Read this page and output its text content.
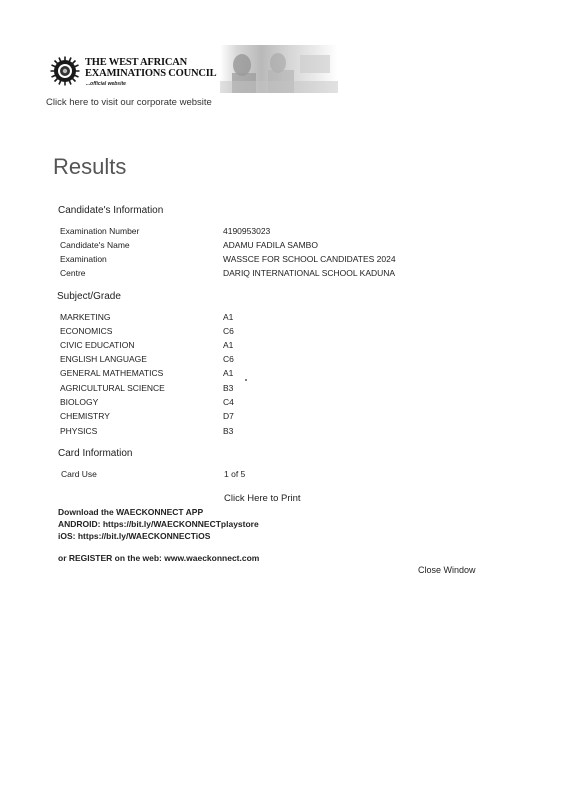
THE WEST AFRICAN
EXAMINATIONS COUNCIL
...official website
Click here to visit our corporate website
Results
Candidate's Information
Examination Number	4190953023
Candidate's Name	ADAMU FADILA SAMBO
Examination	WASSCE FOR SCHOOL CANDIDATES 2024
Centre	DARIQ INTERNATIONAL SCHOOL KADUNA
Subject/Grade
MARKETING	A1
ECONOMICS	C6
CIVIC EDUCATION	A1
ENGLISH LANGUAGE	C6
GENERAL MATHEMATICS	A1
AGRICULTURAL SCIENCE	B3
BIOLOGY	C4
CHEMISTRY	D7
PHYSICS	B3
Card Information
Card Use	1 of 5
Click Here to Print
Download the WAECKONNECT APP
ANDROID: https://bit.ly/WAECKONNECTplaystore
iOS: https://bit.ly/WAECKONNECTiOS
or REGISTER on the web: www.waeckonnect.com
Close Window
